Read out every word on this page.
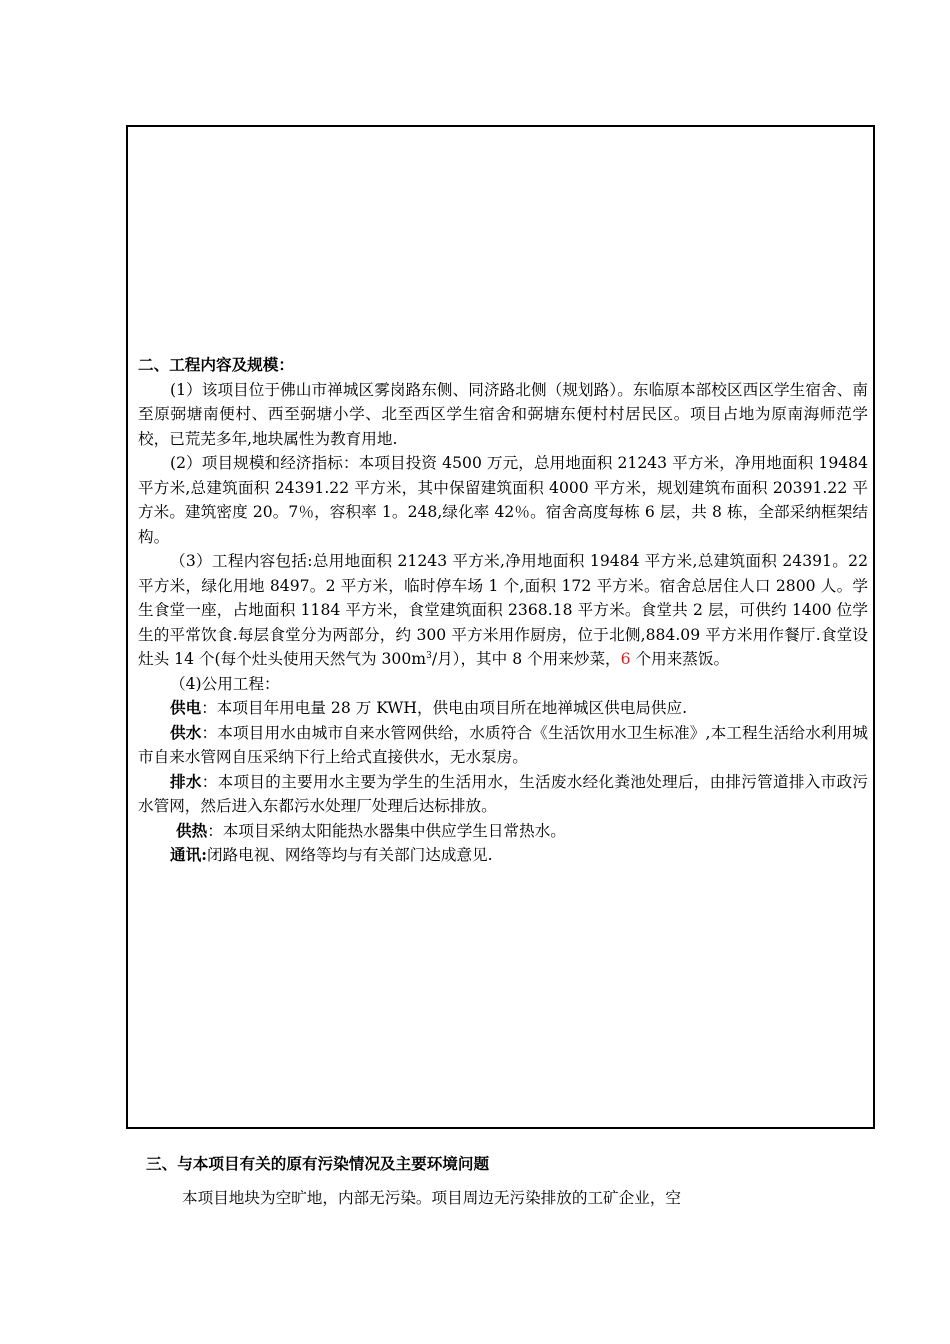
二、工程内容及规模：

(1）该项目位于佛山市禅城区雾岗路东侧、同济路北侧（规划路）。东临原本部校区西区学生宿舍、南至原弼塘南便村、西至弼塘小学、北至西区学生宿舍和弼塘东便村村居民区。项目占地为原南海师范学校，已荒芜多年,地块属性为教育用地.

(2）项目规模和经济指标：本项目投资 4500 万元，总用地面积 21243 平方米，净用地面积 19484 平方米,总建筑面积 24391.22 平方米，其中保留建筑面积 4000 平方米，规划建筑布面积 20391.22 平方米。建筑密度 20。7％，容积率 1。248,绿化率 42％。宿舍高度每栋 6 层，共 8 栋，全部采纳框架结构。

（3）工程内容包括:总用地面积 21243 平方米,净用地面积 19484 平方米,总建筑面积 24391。22 平方米，绿化用地 8497。2 平方米，临时停车场 1 个,面积 172 平方米。宿舍总居住人口 2800 人。学生食堂一座，占地面积 1184 平方米，食堂建筑面积 2368.18 平方米。食堂共 2 层，可供约 1400 位学生的平常饮食.每层食堂分为两部分，约 300 平方米用作厨房，位于北侧,884.09 平方米用作餐厅.食堂设灶头 14 个(每个灶头使用天然气为 $300m^3/$月），其中 8 个用来炒菜，6 个用来蒸饭。

（4)公用工程：

供电：本项目年用电量 28 万 KWH，供电由项目所在地禅城区供电局供应.

供水：本项目用水由城市自来水管网供给，水质符合《生活饮用水卫生标准》,本工程生活给水利用城市自来水管网自压采纳下行上给式直接供水，无水泵房。

排水：本项目的主要用水主要为学生的生活用水，生活废水经化粪池处理后，由排污管道排入市政污水管网，然后进入东都污水处理厂处理后达标排放。

供热：本项目采纳太阳能热水器集中供应学生日常热水。

通讯:闭路电视、网络等均与有关部门达成意见.

三、与本项目有关的原有污染情况及主要环境问题

本项目地块为空旷地，内部无污染。项目周边无污染排放的工矿企业，空
